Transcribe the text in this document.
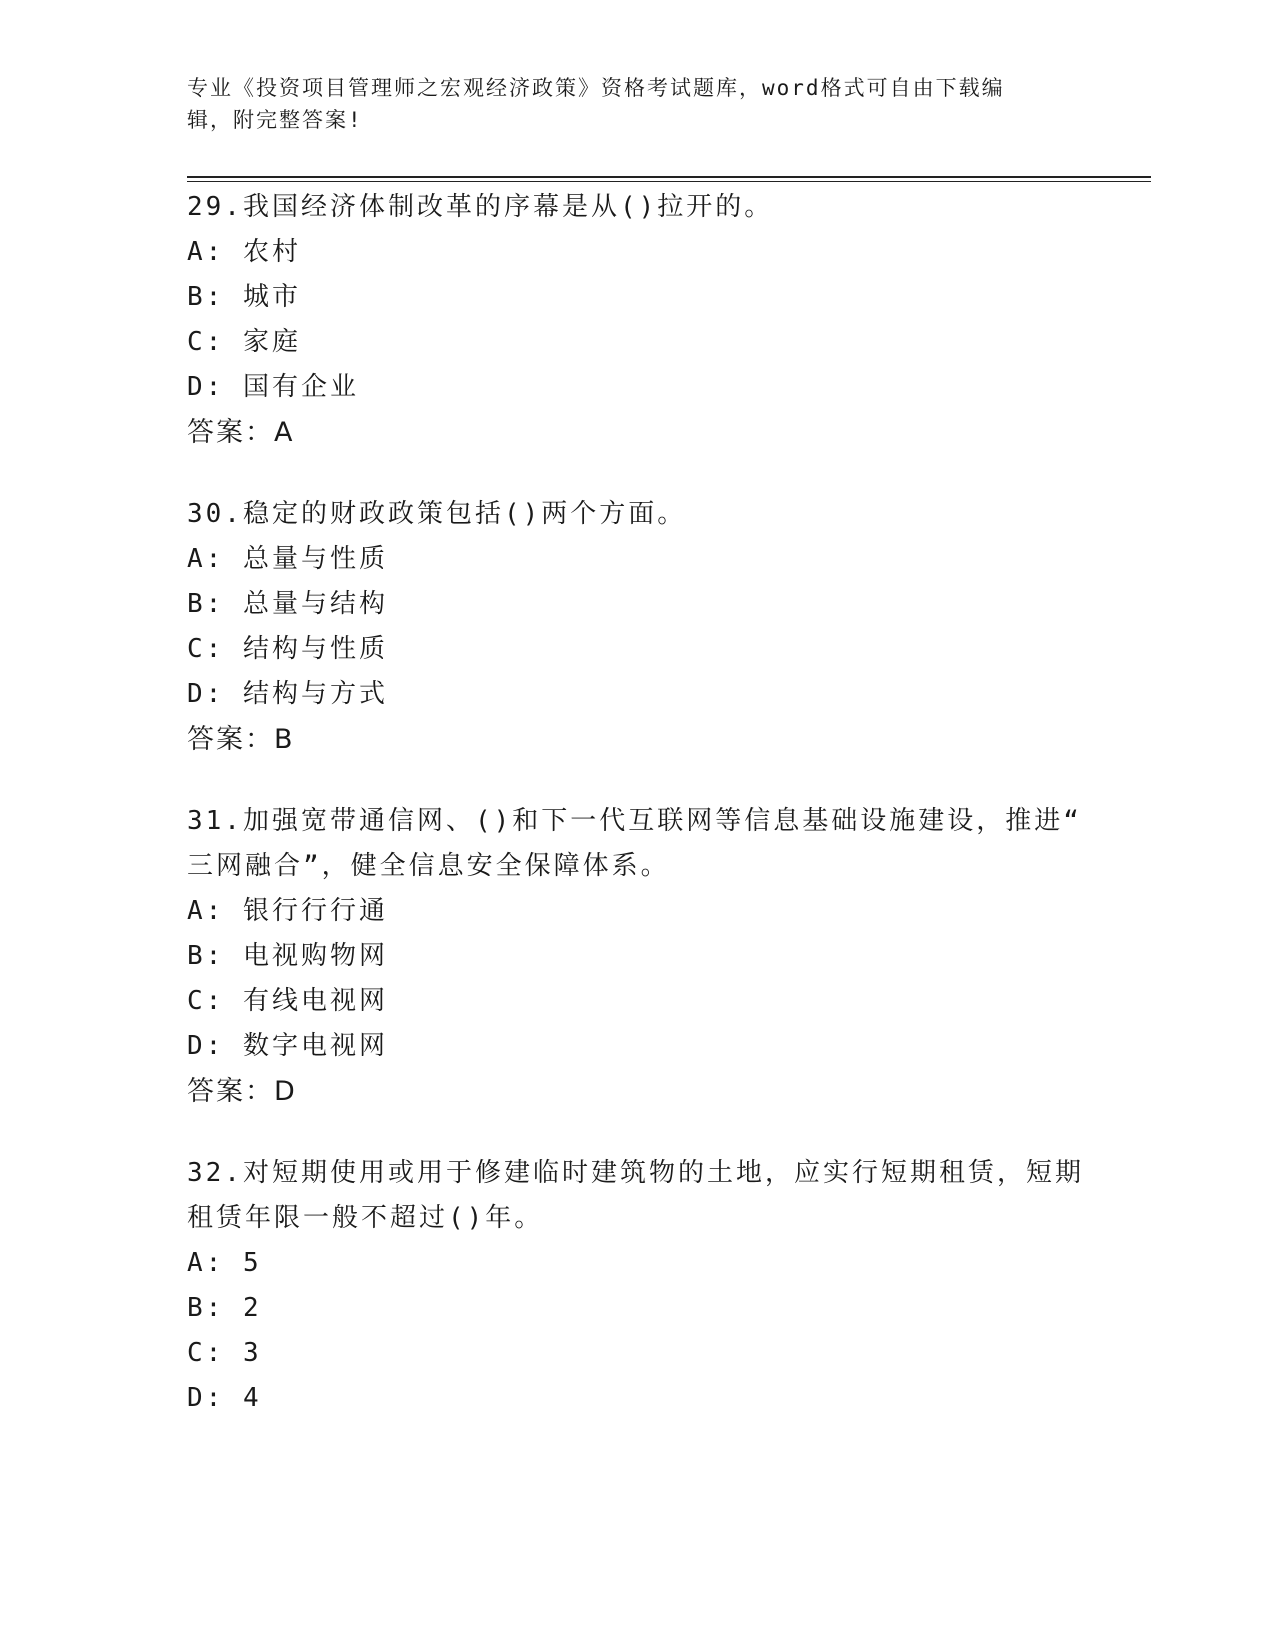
专业《投资项目管理师之宏观经济政策》资格考试题库，word格式可自由下载编
辑，附完整答案!
29.我国经济体制改革的序幕是从()拉开的。
A: 农村
B: 城市
C: 家庭
D: 国有企业
答案：A
30.稳定的财政政策包括()两个方面。
A: 总量与性质
B: 总量与结构
C: 结构与性质
D: 结构与方式
答案：B
31.加强宽带通信网、()和下一代互联网等信息基础设施建设，推进“
三网融合”，健全信息安全保障体系。
A: 银行行行通
B: 电视购物网
C: 有线电视网
D: 数字电视网
答案：D
32.对短期使用或用于修建临时建筑物的土地，应实行短期租赁，短期
租赁年限一般不超过()年。
A: 5
B: 2
C: 3
D: 4
